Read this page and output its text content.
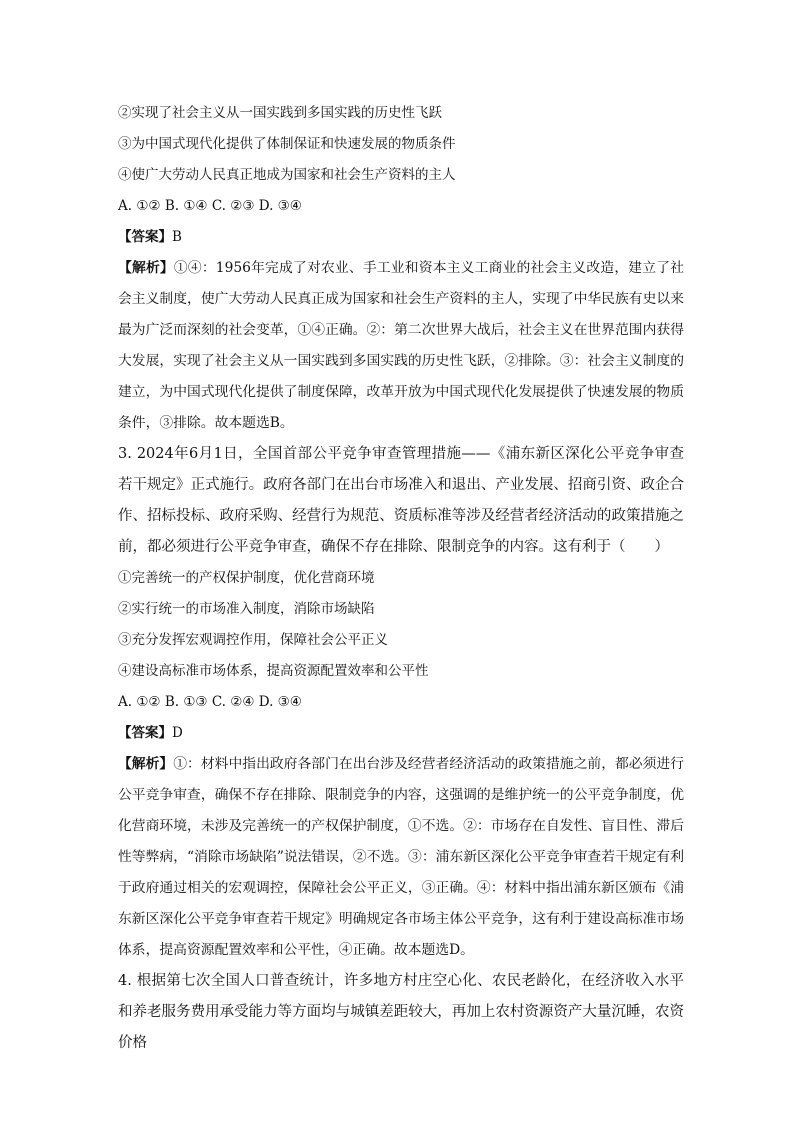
②实现了社会主义从一国实践到多国实践的历史性飞跃
③为中国式现代化提供了体制保证和快速发展的物质条件
④使广大劳动人民真正地成为国家和社会生产资料的主人
A. ①② B. ①④ C. ②③ D. ③④
【答案】B

【解析】①④：1956年完成了对农业、手工业和资本主义工商业的社会主义改造，建立了社会主义制度，使广大劳动人民真正成为国家和社会生产资料的主人，实现了中华民族有史以来最为广泛而深刻的社会变革，①④正确。②：第二次世界大战后，社会主义在世界范围内获得大发展，实现了社会主义从一国实践到多国实践的历史性飞跃，②排除。③：社会主义制度的建立，为中国式现代化提供了制度保障，改革开放为中国式现代化发展提供了快速发展的物质条件，③排除。故本题选B。

3. 2024年6月1日，全国首部公平竞争审查管理措施——《浦东新区深化公平竞争审查若干规定》正式施行。政府各部门在出台市场准入和退出、产业发展、招商引资、政企合作、招标投标、政府采购、经营行为规范、资质标准等涉及经营者经济活动的政策措施之前，都必须进行公平竞争审查，确保不存在排除、限制竞争的内容。这有利于（　　）

①完善统一的产权保护制度，优化营商环境
②实行统一的市场准入制度，消除市场缺陷
③充分发挥宏观调控作用，保障社会公平正义
④建设高标准市场体系，提高资源配置效率和公平性
A. ①② B. ①③ C. ②④ D. ③④
【答案】D

【解析】①：材料中指出政府各部门在出台涉及经营者经济活动的政策措施之前，都必须进行公平竞争审查，确保不存在排除、限制竞争的内容，这强调的是维护统一的公平竞争制度，优化营商环境，未涉及完善统一的产权保护制度，①不选。②：市场存在自发性、盲目性、滞后性等弊病，“消除市场缺陷”说法错误，②不选。③：浦东新区深化公平竞争审查若干规定有利于政府通过相关的宏观调控，保障社会公平正义，③正确。④：材料中指出浦东新区颁布《浦东新区深化公平竞争审查若干规定》明确规定各市场主体公平竞争，这有利于建设高标准市场体系，提高资源配置效率和公平性，④正确。故本题选D。

4. 根据第七次全国人口普查统计，许多地方村庄空心化、农民老龄化，在经济收入水平和养老服务费用承受能力等方面均与城镇差距较大，再加上农村资源资产大量沉睡，农资价格
